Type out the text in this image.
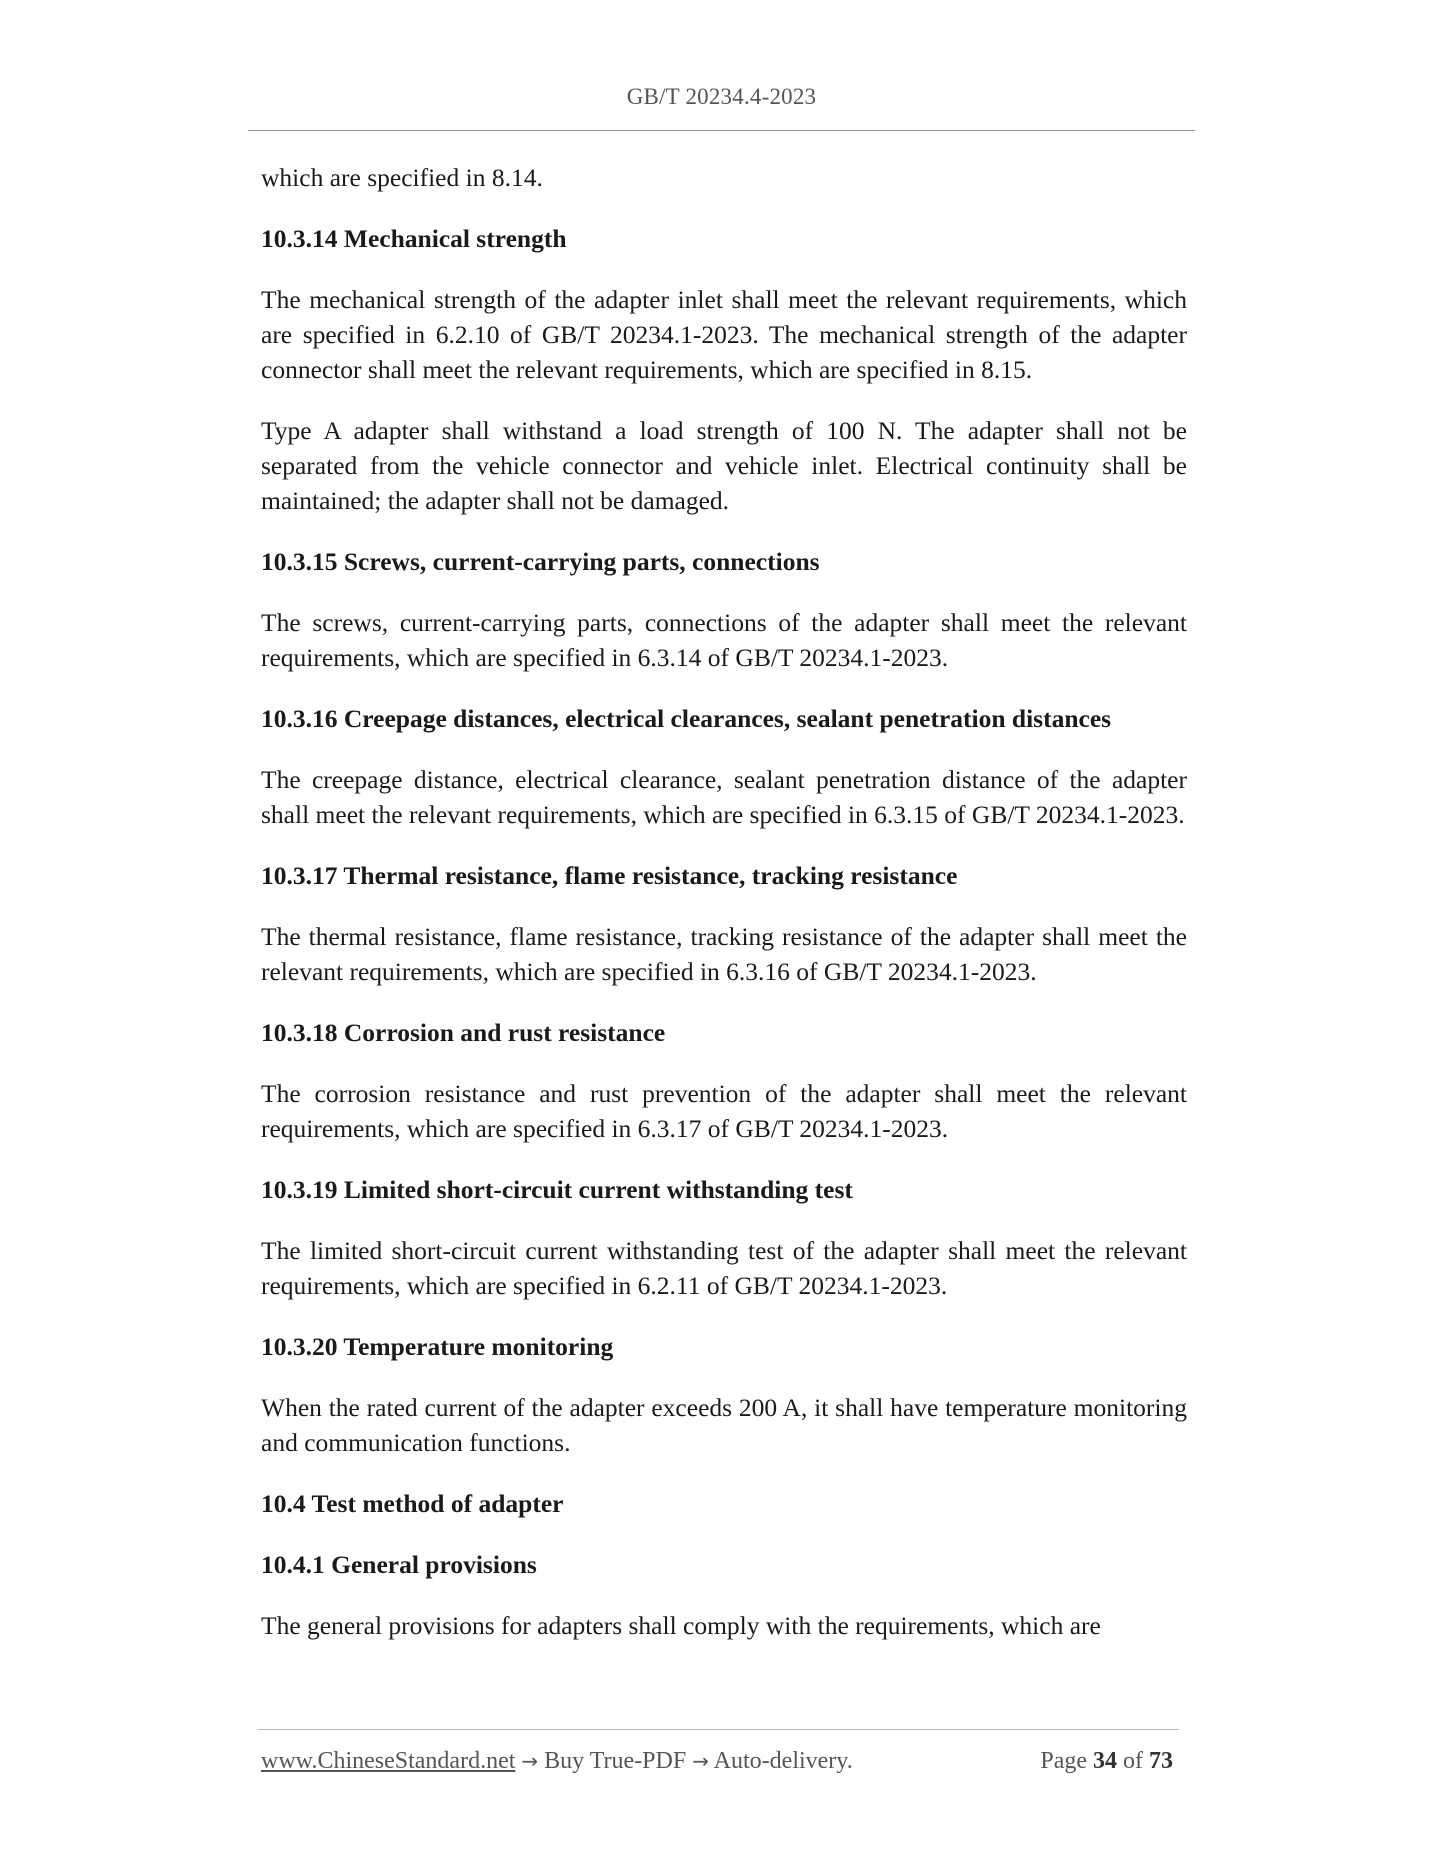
GB/T 20234.4-2023

which are specified in 8.14.

10.3.14 Mechanical strength

The mechanical strength of the adapter inlet shall meet the relevant requirements, which are specified in 6.2.10 of GB/T 20234.1-2023. The mechanical strength of the adapter connector shall meet the relevant requirements, which are specified in 8.15.

Type A adapter shall withstand a load strength of 100 N. The adapter shall not be separated from the vehicle connector and vehicle inlet. Electrical continuity shall be maintained; the adapter shall not be damaged.

10.3.15 Screws, current-carrying parts, connections

The screws, current-carrying parts, connections of the adapter shall meet the relevant requirements, which are specified in 6.3.14 of GB/T 20234.1-2023.

10.3.16 Creepage distances, electrical clearances, sealant penetration distances

The creepage distance, electrical clearance, sealant penetration distance of the adapter shall meet the relevant requirements, which are specified in 6.3.15 of GB/T 20234.1-2023.

10.3.17 Thermal resistance, flame resistance, tracking resistance

The thermal resistance, flame resistance, tracking resistance of the adapter shall meet the relevant requirements, which are specified in 6.3.16 of GB/T 20234.1-2023.

10.3.18 Corrosion and rust resistance

The corrosion resistance and rust prevention of the adapter shall meet the relevant requirements, which are specified in 6.3.17 of GB/T 20234.1-2023.

10.3.19 Limited short-circuit current withstanding test

The limited short-circuit current withstanding test of the adapter shall meet the relevant requirements, which are specified in 6.2.11 of GB/T 20234.1-2023.

10.3.20 Temperature monitoring

When the rated current of the adapter exceeds 200 A, it shall have temperature monitoring and communication functions.

10.4 Test method of adapter
10.4.1 General provisions

The general provisions for adapters shall comply with the requirements, which are

www.ChineseStandard.net → Buy True-PDF → Auto-delivery.	Page 34 of 73
